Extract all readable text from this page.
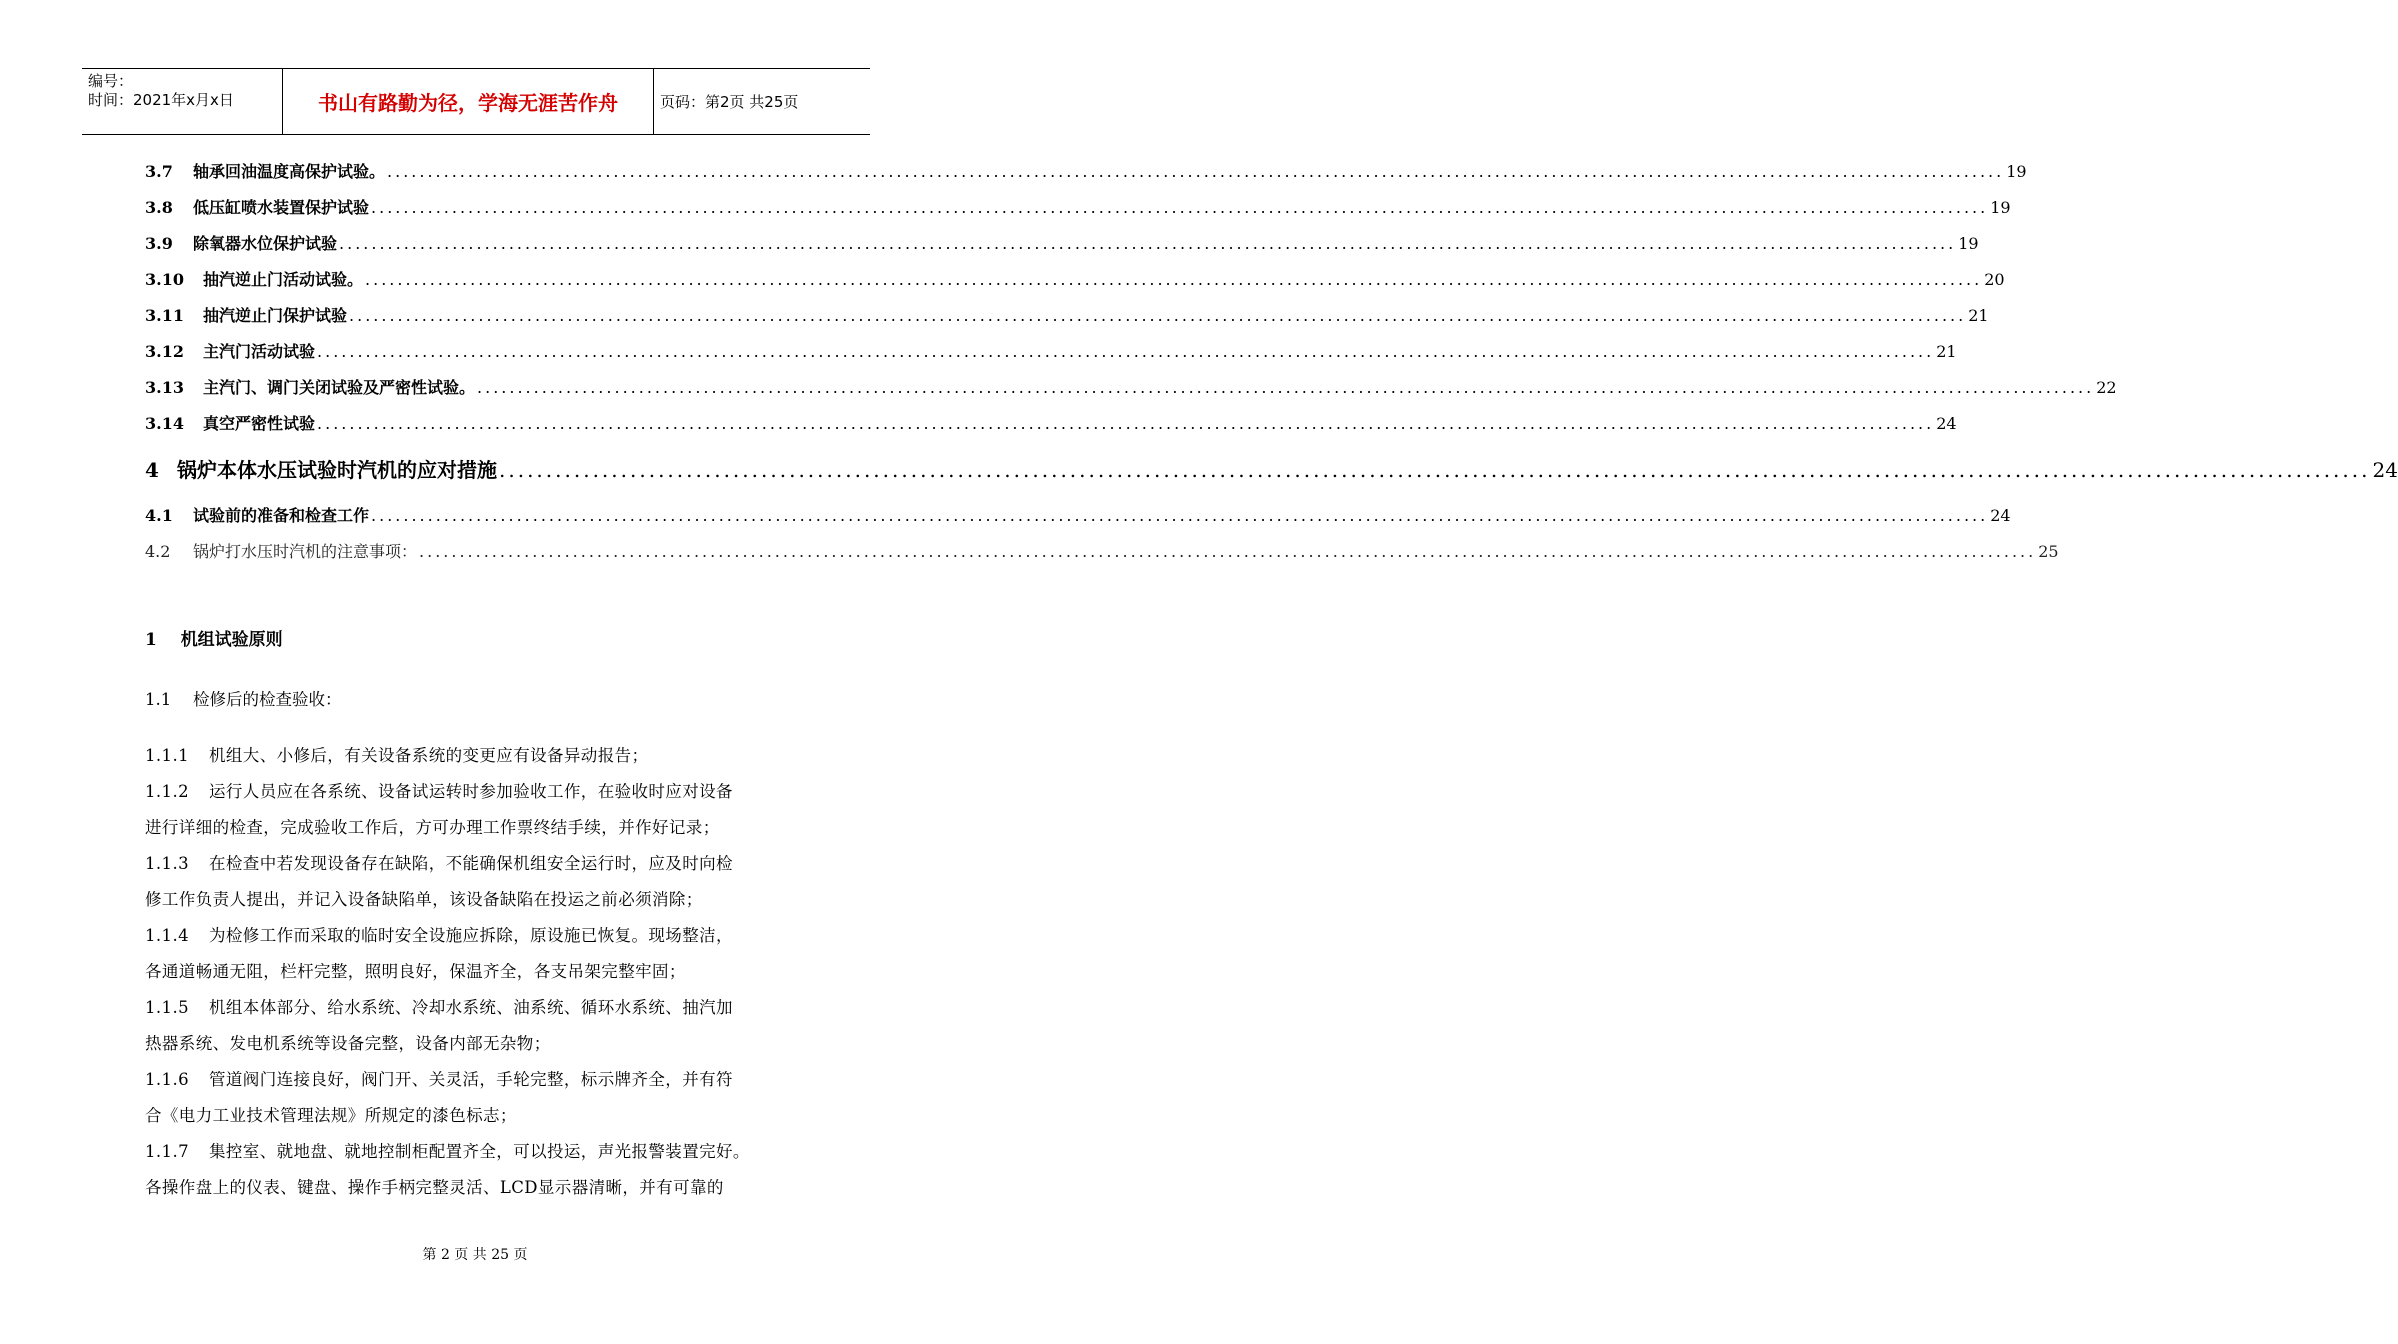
编号：
时间：2021年x月x日	书山有路勤为径，学海无涯苦作舟	页码：第2页 共25页
3.7	轴承回油温度高保护试验。 ........................................................................................................................................................................................................ 19
3.8	低压缸喷水装置保护试验 ........................................................................................................................................................................................................ 19
3.9	除氧器水位保护试验 ........................................................................................................................................................................................................ 19
3.10	抽汽逆止门活动试验。 ........................................................................................................................................................................................................ 20
3.11	抽汽逆止门保护试验 ........................................................................................................................................................................................................ 21
3.12	主汽门活动试验 ........................................................................................................................................................................................................ 21
3.13	主汽门、调门关闭试验及严密性试验。 ........................................................................................................................................................................................................ 22
3.14	真空严密性试验 ........................................................................................................................................................................................................ 24
4 锅炉本体水压试验时汽机的应对措施 ........................................................................................................................................................................................................ 24
4.1	试验前的准备和检查工作 ........................................................................................................................................................................................................ 24
4.2	锅炉打水压时汽机的注意事项： ........................................................................................................................................................................................................ 25
1 机组试验原则
1.1 检修后的检查验收：
1.1.1 机组大、小修后，有关设备系统的变更应有设备异动报告；
1.1.2 运行人员应在各系统、设备试运转时参加验收工作，在验收时应对设备
进行详细的检查，完成验收工作后，方可办理工作票终结手续，并作好记录；
1.1.3 在检查中若发现设备存在缺陷，不能确保机组安全运行时，应及时向检
修工作负责人提出，并记入设备缺陷单，该设备缺陷在投运之前必须消除；
1.1.4 为检修工作而采取的临时安全设施应拆除，原设施已恢复。现场整洁，
各通道畅通无阻，栏杆完整，照明良好，保温齐全，各支吊架完整牢固；
1.1.5 机组本体部分、给水系统、冷却水系统、油系统、循环水系统、抽汽加
热器系统、发电机系统等设备完整，设备内部无杂物；
1.1.6 管道阀门连接良好，阀门开、关灵活，手轮完整，标示牌齐全，并有符
合《电力工业技术管理法规》所规定的漆色标志；
1.1.7 集控室、就地盘、就地控制柜配置齐全，可以投运，声光报警装置完好。
各操作盘上的仪表、键盘、操作手柄完整灵活、LCD显示器清晰，并有可靠的
第 2 页 共 25 页
